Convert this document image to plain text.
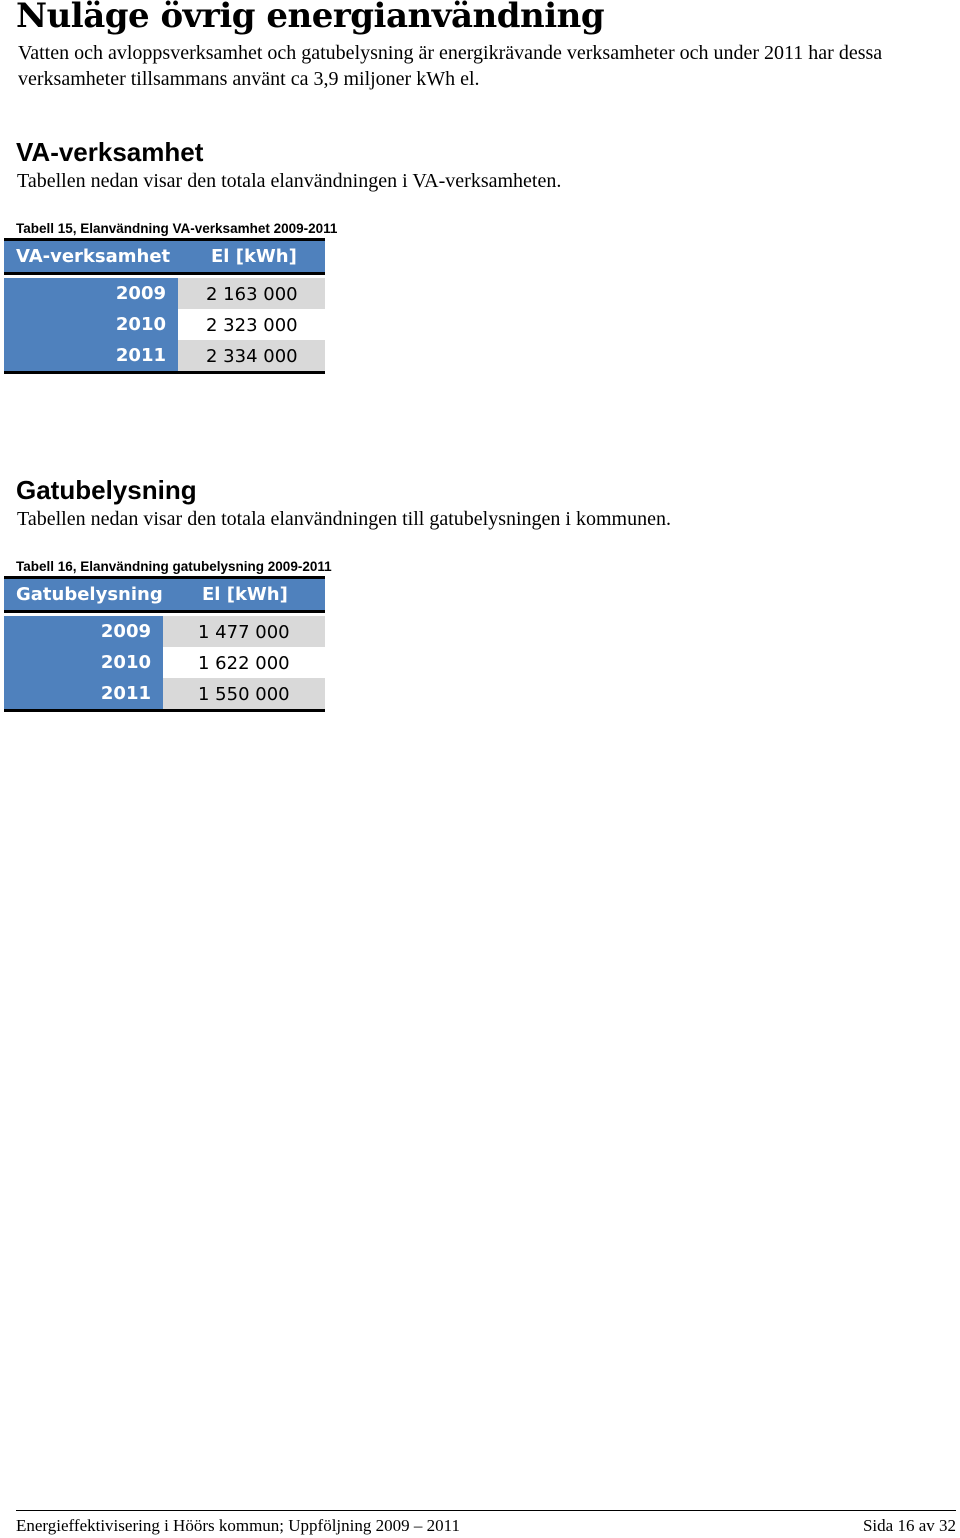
Nuläge övrig energianvändning
Vatten och avloppsverksamhet och gatubelysning är energikrävande verksamheter och under 2011 har dessa verksamheter tillsammans använt ca 3,9 miljoner kWh el.
VA-verksamhet
Tabellen nedan visar den totala elanvändningen i VA-verksamheten.
Tabell 15, Elanvändning VA-verksamhet 2009-2011
VA-verksamhet El [kWh]
2009	2 163 000
2010	2 323 000
2011	2 334 000
Gatubelysning
Tabellen nedan visar den totala elanvändningen till gatubelysningen i kommunen.
Tabell 16, Elanvändning gatubelysning 2009-2011
Gatubelysning El [kWh]
2009	1 477 000
2010	1 622 000
2011	1 550 000
Energieffektivisering i Höörs kommun; Uppföljning 2009 – 2011	Sida 16 av 32
